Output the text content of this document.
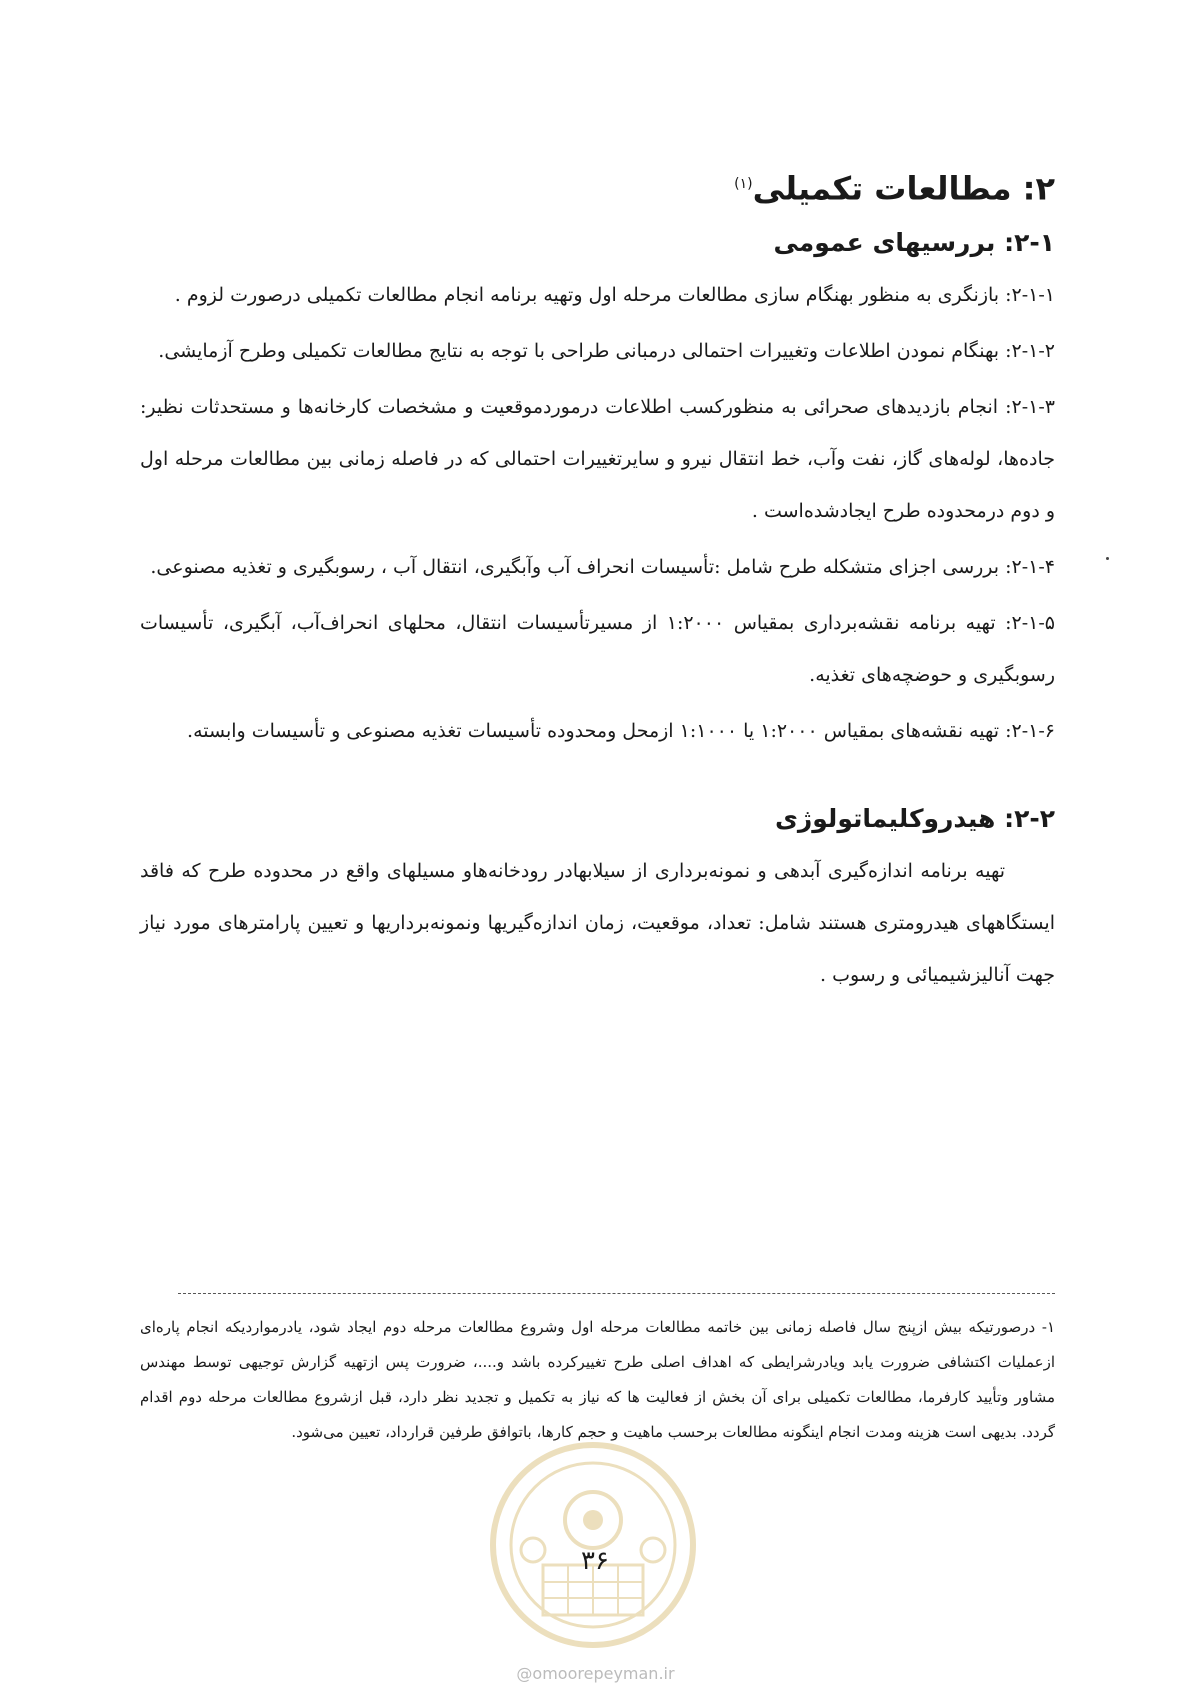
۲: مطالعات تکمیلی$^{(۱)}$
۲-۱: بررسیهای عمومی

۲-۱-۱: بازنگری به منظور بهنگام سازی مطالعات مرحله اول وتهیه برنامه انجام مطالعات تکمیلی درصورت لزوم .

۲-۱-۲: بهنگام نمودن اطلاعات وتغییرات احتمالی درمبانی طراحی با توجه به نتایج مطالعات تکمیلی وطرح آزمایشی.

۲-۱-۳: انجام بازدیدهای صحرائی به منظورکسب اطلاعات درموردموقعیت و مشخصات کارخانه‌ها و مستحدثات نظیر: جاده‌ها، لوله‌های گاز، نفت وآب، خط انتقال نیرو و سایرتغییرات احتمالی که در فاصله زمانی بین مطالعات مرحله اول و دوم درمحدوده طرح ایجادشده‌است .

۲-۱-۴: بررسی اجزای متشکله طرح شامل :تأسیسات انحراف آب وآبگیری، انتقال آب ، رسوبگیری و تغذیه مصنوعی.

۲-۱-۵: تهیه برنامه نقشه‌برداری بمقیاس ۱:۲۰۰۰ از مسیرتأسیسات انتقال، محلهای انحراف‌آب، آبگیری، تأسیسات رسوبگیری و حوضچه‌های تغذیه.

۲-۱-۶: تهیه نقشه‌های بمقیاس ۱:۲۰۰۰ یا ۱:۱۰۰۰ ازمحل ومحدوده تأسیسات تغذیه مصنوعی و تأسیسات وابسته.

۲-۲: هیدروکلیماتولوژی

تهیه برنامه اندازه‌گیری آبدهی و نمونه‌برداری از سیلابهادر رودخانه‌هاو مسیلهای واقع در محدوده طرح که فاقد ایستگاههای هیدرومتری هستند شامل: تعداد، موقعیت، زمان اندازه‌گیریها ونمونه‌برداریها و تعیین پارامترهای مورد نیاز جهت آنالیزشیمیائی و رسوب .

۱- درصورتیکه بیش ازپنج سال فاصله زمانی بین خاتمه مطالعات مرحله اول وشروع مطالعات مرحله دوم ایجاد شود، یادرمواردیکه انجام پاره‌ای ازعملیات اکتشافی ضرورت یابد ویادرشرایطی که اهداف اصلی طرح تغییرکرده باشد و....، ضرورت پس ازتهیه گزارش توجیهی توسط مهندس مشاور وتأیید کارفرما، مطالعات تکمیلی برای آن بخش از فعالیت ها که نیاز به تکمیل و تجدید نظر دارد، قبل ازشروع مطالعات مرحله دوم اقدام گردد. بدیهی است هزینه ومدت انجام اینگونه مطالعات برحسب ماهیت و حجم کارها، باتوافق طرفین قرارداد، تعیین می‌شود.
۳۶
@omoorepeyman.ir
